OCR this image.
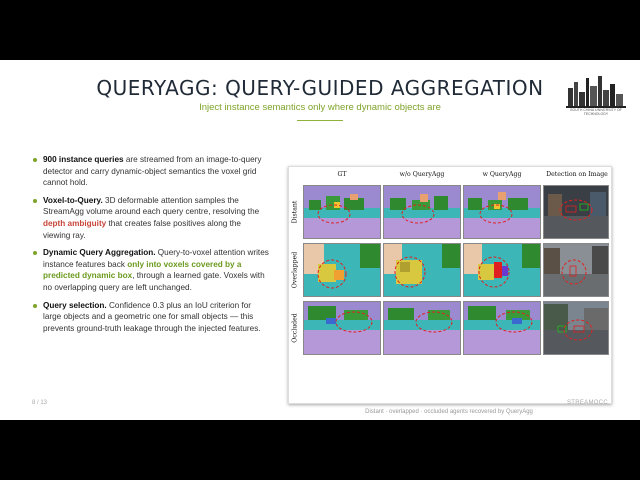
SOUTH CHINA UNIVERSITY OF TECHNOLOGY
QUERYAGG: QUERY-GUIDED AGGREGATION
Inject instance semantics only where dynamic objects are
900 instance queries are streamed from an image-to-query detector and carry dynamic-object semantics the voxel grid cannot hold.
Voxel-to-Query. 3D deformable attention samples the StreamAgg volume around each query centre, resolving the depth ambiguity that creates false positives along the viewing ray.
Dynamic Query Aggregation. Query-to-voxel attention writes instance features back only into voxels covered by a predicted dynamic box, through a learned gate. Voxels with no overlapping query are left unchanged.
Query selection. Confidence 0.3 plus an IoU criterion for large objects and a geometric one for small objects — this prevents ground-truth leakage through the injected features.
GT	w/o QueryAgg	w QueryAgg	Detection on Image
Distant
Overlapped
Occluded
Distant · overlapped · occluded agents recovered by QueryAgg
8 / 13	STREAMOCC
